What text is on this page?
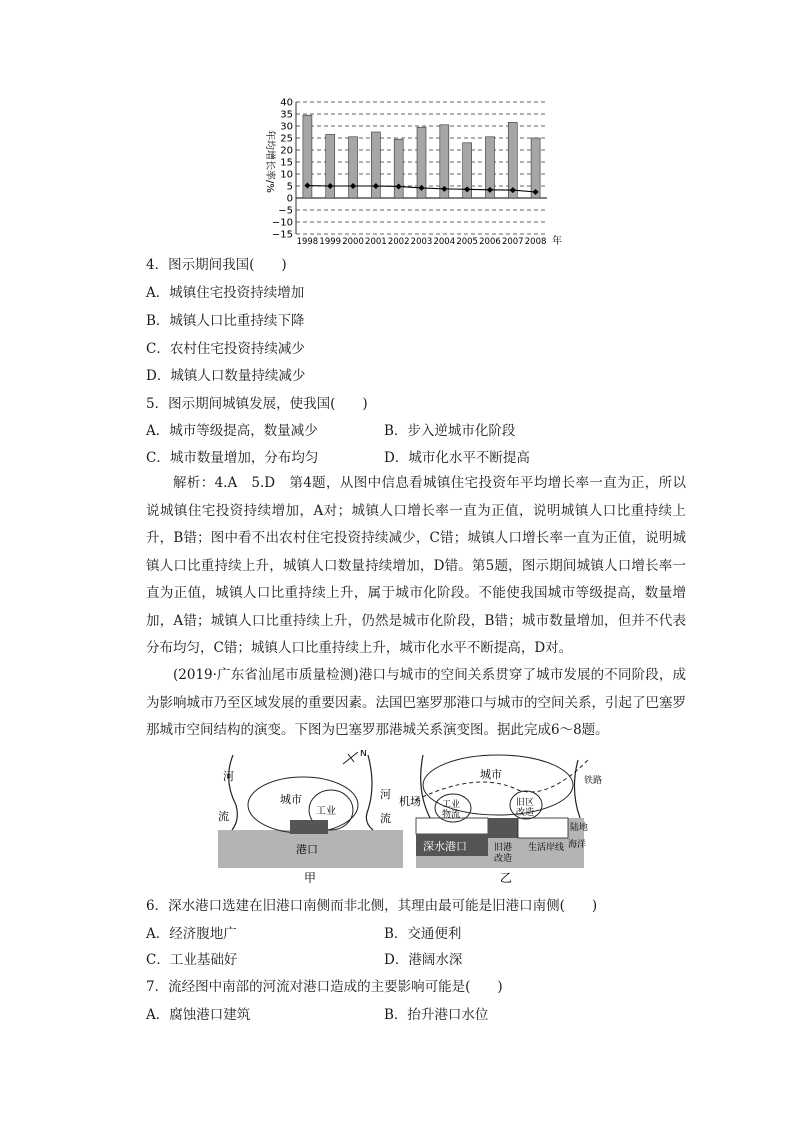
年均增长率/%
40
35
30
25
20
15
10
5
0
−5
−10
−15
1998 1999 2000 2001 2002 2003 2004 2005 2006 2007 2008 年
4．图示期间我国(　　)
A．城镇住宅投资持续增加
B．城镇人口比重持续下降
C．农村住宅投资持续减少
D．城镇人口数量持续减少
5．图示期间城镇发展，使我国(　　)
A．城市等级提高，数量减少	B．步入逆城市化阶段
C．城市数量增加，分布均匀	D．城市化水平不断提高
解析：4.A　5.D　第4题，从图中信息看城镇住宅投资年平均增长率一直为正，所以说城镇住宅投资持续增加，A对；城镇人口增长率一直为正值，说明城镇人口比重持续上升，B错；图中看不出农村住宅投资持续减少，C错；城镇人口增长率一直为正值，说明城镇人口比重持续上升，城镇人口数量持续增加，D错。第5题，图示期间城镇人口增长率一直为正值，城镇人口比重持续上升，属于城市化阶段。不能使我国城市等级提高，数量增加，A错；城镇人口比重持续上升，仍然是城市化阶段，B错；城市数量增加，但并不代表分布均匀，C错；城镇人口比重持续上升，城市化水平不断提高，D对。
(2019·广东省汕尾市质量检测)港口与城市的空间关系贯穿了城市发展的不同阶段，成为影响城市乃至区域发展的重要因素。法国巴塞罗那港口与城市的空间关系，引起了巴塞罗那城市空间结构的演变。下图为巴塞罗那港城关系演变图。据此完成6～8题。
河
流
城市
工业
港口
甲
河
流
N
城市	铁路
机场 工业
物流
旧区
改造
陆地
海洋
深水港口	旧港
改造
生活岸线
乙
6．深水港口选建在旧港口南侧而非北侧，其理由最可能是旧港口南侧(　　)
A．经济腹地广	B．交通便利
C．工业基础好	D．港阔水深
7．流经图中南部的河流对港口造成的主要影响可能是(　　)
A．腐蚀港口建筑	B．抬升港口水位
